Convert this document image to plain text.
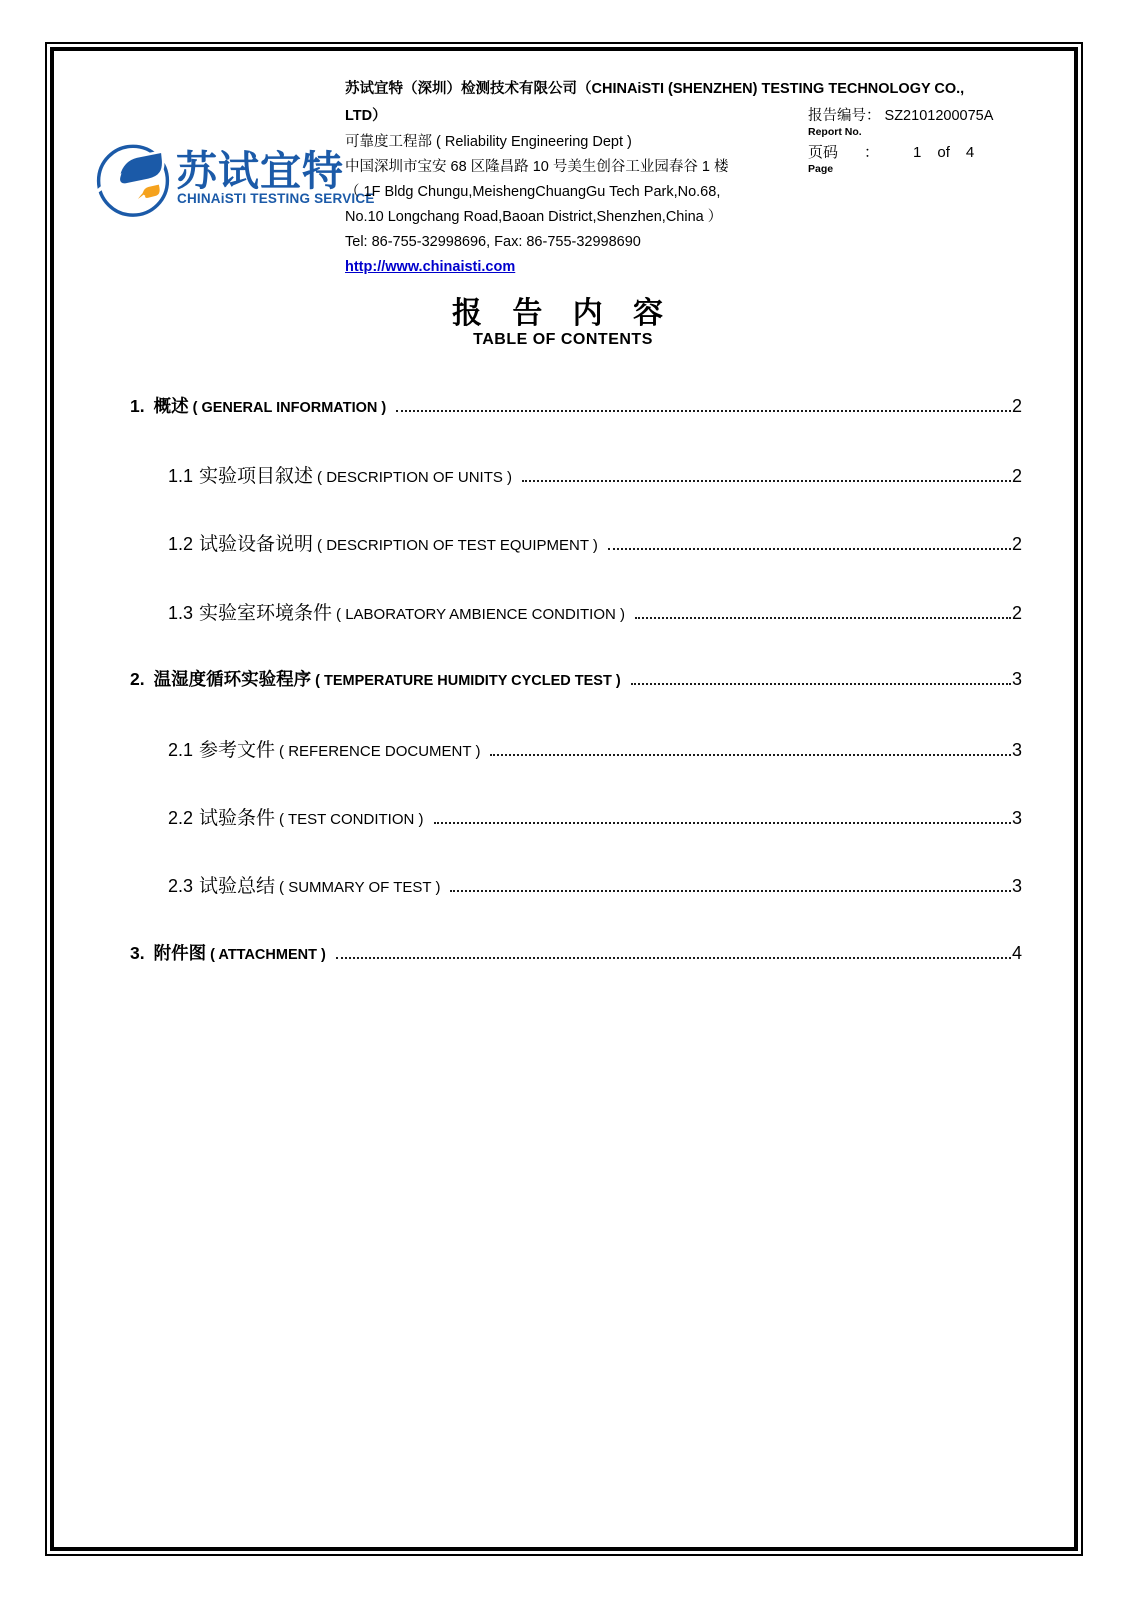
苏试宜特
CHINAiSTI TESTING SERVICE
苏试宜特（深圳）检测技术有限公司（CHINAiSTI (SHENZHEN) TESTING TECHNOLOGY CO.,
LTD）
可靠度工程部 ( Reliability Engineering Dept )
中国深圳市宝安 68 区隆昌路 10 号美生创谷工业园春谷 1 楼
（ 1F Bldg Chungu,MeishengChuangGu Tech Park,No.68,
No.10 Longchang Road,Baoan District,Shenzhen,China ）
Tel: 86-755-32998696, Fax: 86-755-32998690
http://www.chinaisti.com
报告编号： SZ2101200075A
Report No.
页码 ： 1 of 4
Page
报 告 内 容
TABLE OF CONTENTS
1. 概述 ( GENERAL INFORMATION )	2
1.1 实验项目叙述 ( DESCRIPTION OF UNITS )	2
1.2 试验设备说明 ( DESCRIPTION OF TEST EQUIPMENT )	2
1.3 实验室环境条件 ( LABORATORY AMBIENCE CONDITION )	2
2. 温湿度循环实验程序 ( TEMPERATURE HUMIDITY CYCLED TEST )	3
2.1 参考文件 ( REFERENCE DOCUMENT )	3
2.2 试验条件 ( TEST CONDITION )	3
2.3 试验总结 ( SUMMARY OF TEST )	3
3. 附件图 ( ATTACHMENT )	4
